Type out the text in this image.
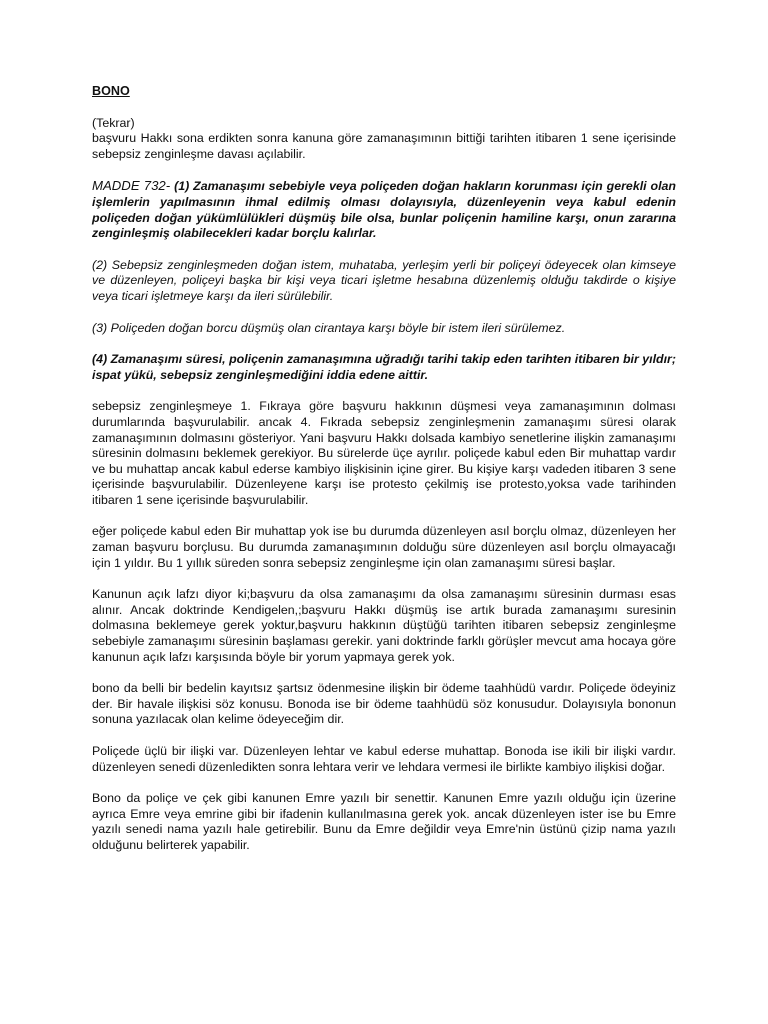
BONO

(Tekrar)

başvuru Hakkı sona erdikten sonra kanuna göre zamanaşımının bittiği tarihten itibaren 1 sene içerisinde sebepsiz zenginleşme davası açılabilir.

MADDE 732- (1) Zamanaşımı sebebiyle veya poliçeden doğan hakların korunması için gerekli olan işlemlerin yapılmasının ihmal edilmiş olması dolayısıyla, düzenleyenin veya kabul edenin poliçeden doğan yükümlülükleri düşmüş bile olsa, bunlar poliçenin hamiline karşı, onun zararına zenginleşmiş olabilecekleri kadar borçlu kalırlar.

(2) Sebepsiz zenginleşmeden doğan istem, muhataba, yerleşim yerli bir poliçeyi ödeyecek olan kimseye ve düzenleyen, poliçeyi başka bir kişi veya ticari işletme hesabına düzenlemiş olduğu takdirde o kişiye veya ticari işletmeye karşı da ileri sürülebilir.

(3) Poliçeden doğan borcu düşmüş olan cirantaya karşı böyle bir istem ileri sürülemez.

(4) Zamanaşımı süresi, poliçenin zamanaşımına uğradığı tarihi takip eden tarihten itibaren bir yıldır; ispat yükü, sebepsiz zenginleşmediğini iddia edene aittir.

sebepsiz zenginleşmeye 1. Fıkraya göre başvuru hakkının düşmesi veya zamanaşımının dolması durumlarında başvurulabilir. ancak 4. Fıkrada sebepsiz zenginleşmenin zamanaşımı süresi olarak zamanaşımının dolmasını gösteriyor. Yani başvuru Hakkı dolsada kambiyo senetlerine ilişkin zamanaşımı süresinin dolmasını beklemek gerekiyor. Bu sürelerde üçe ayrılır. poliçede kabul eden Bir muhattap vardır ve bu muhattap ancak kabul ederse kambiyo ilişkisinin içine girer. Bu kişiye karşı vadeden itibaren 3 sene içerisinde başvurulabilir. Düzenleyene karşı ise protesto çekilmiş ise protesto,yoksa vade tarihinden itibaren 1 sene içerisinde başvurulabilir.

eğer poliçede kabul eden Bir muhattap yok ise bu durumda düzenleyen asıl borçlu olmaz, düzenleyen her zaman başvuru borçlusu. Bu durumda zamanaşımının dolduğu süre düzenleyen asıl borçlu olmayacağı için 1 yıldır. Bu 1 yıllık süreden sonra sebepsiz zenginleşme için olan zamanaşımı süresi başlar.

Kanunun açık lafzı diyor ki;başvuru da olsa zamanaşımı da olsa zamanaşımı süresinin durması esas alınır. Ancak doktrinde Kendigelen,;başvuru Hakkı düşmüş ise artık burada zamanaşımı suresinin dolmasına beklemeye gerek yoktur,başvuru hakkının düştüğü tarihten itibaren sebepsiz zenginleşme sebebiyle zamanaşımı süresinin başlaması gerekir. yani doktrinde farklı görüşler mevcut ama hocaya göre kanunun açık lafzı karşısında böyle bir yorum yapmaya gerek yok.

bono da belli bir bedelin kayıtsız şartsız ödenmesine ilişkin bir ödeme taahhüdü vardır. Poliçede ödeyiniz der. Bir havale ilişkisi söz konusu. Bonoda ise bir ödeme taahhüdü söz konusudur. Dolayısıyla bononun sonuna yazılacak olan kelime ödeyeceğim dir.

Poliçede üçlü bir ilişki var. Düzenleyen lehtar ve kabul ederse muhattap. Bonoda ise ikili bir ilişki vardır. düzenleyen senedi düzenledikten sonra lehtara verir ve lehdara vermesi ile birlikte kambiyo ilişkisi doğar.

Bono da poliçe ve çek gibi kanunen Emre yazılı bir senettir. Kanunen Emre yazılı olduğu için üzerine ayrıca Emre veya emrine gibi bir ifadenin kullanılmasına gerek yok. ancak düzenleyen ister ise bu Emre yazılı senedi nama yazılı hale getirebilir. Bunu da Emre değildir veya Emre'nin üstünü çizip nama yazılı olduğunu belirterek yapabilir.
